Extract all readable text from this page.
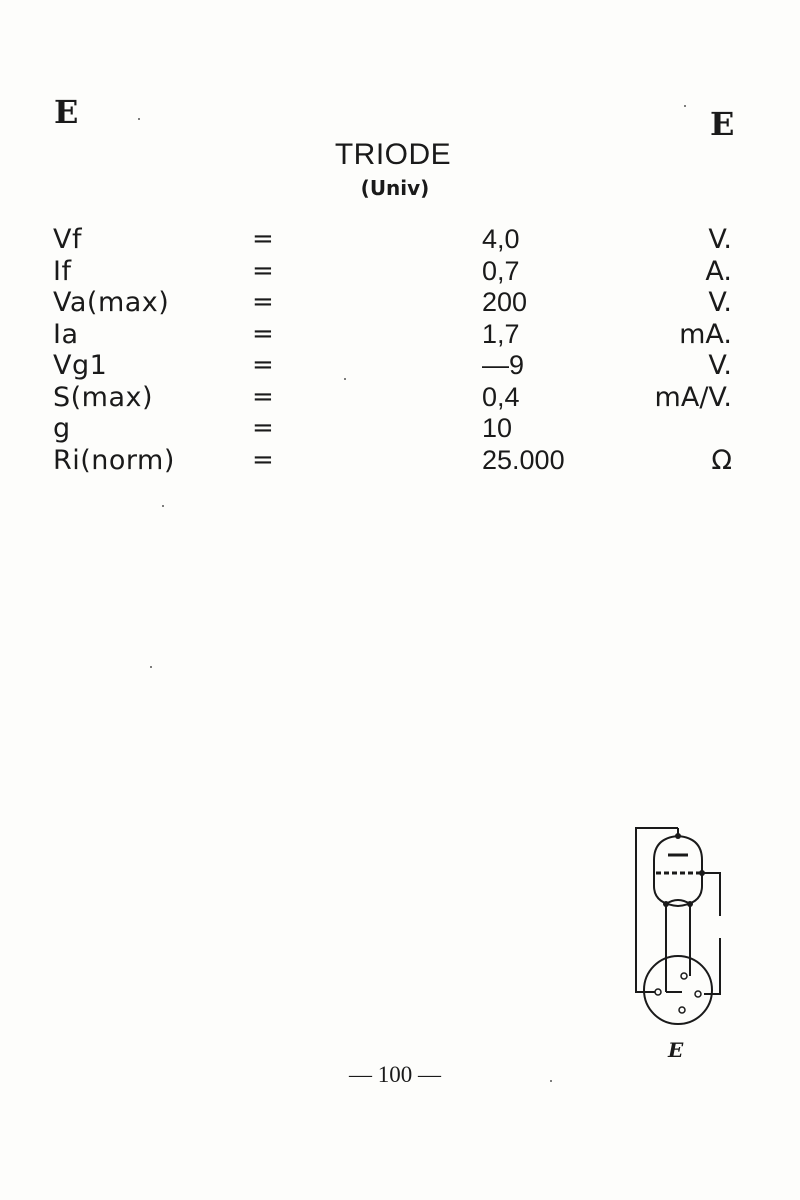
E	E
TRIODE
(Univ)
Vf	=	4,0	V.
If	=	0,7	A.
Va(max)	=	200	V.
Ia	=	1,7	mA.
Vg1	=	—9	V.
S(max)	=	0,4	mA/V.
g	=	10
Ri(norm)	=	25.000	Ω
E
— 100 —
